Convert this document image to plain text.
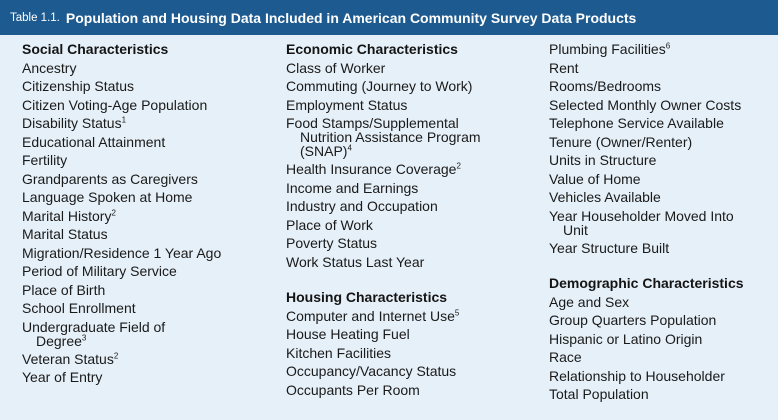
Table 1.1. Population and Housing Data Included in American Community Survey Data Products
Social Characteristics
Ancestry
Citizenship Status
Citizen Voting-Age Population
Disability Status$^1$
Educational Attainment
Fertility
Grandparents as Caregivers
Language Spoken at Home
Marital History$^2$
Marital Status
Migration/Residence 1 Year Ago
Period of Military Service
Place of Birth
School Enrollment
Undergraduate Field of
Degree$^3$
Veteran Status$^2$
Year of Entry
Economic Characteristics
Class of Worker
Commuting (Journey to Work)
Employment Status
Food Stamps/Supplemental
Nutrition Assistance Program
(SNAP)$^4$
Health Insurance Coverage$^2$
Income and Earnings
Industry and Occupation
Place of Work
Poverty Status
Work Status Last Year
Housing Characteristics
Computer and Internet Use$^5$
House Heating Fuel
Kitchen Facilities
Occupancy/Vacancy Status
Occupants Per Room
Plumbing Facilities$^6$
Rent
Rooms/Bedrooms
Selected Monthly Owner Costs
Telephone Service Available
Tenure (Owner/Renter)
Units in Structure
Value of Home
Vehicles Available
Year Householder Moved Into
Unit
Year Structure Built
Demographic Characteristics
Age and Sex
Group Quarters Population
Hispanic or Latino Origin
Race
Relationship to Householder
Total Population
